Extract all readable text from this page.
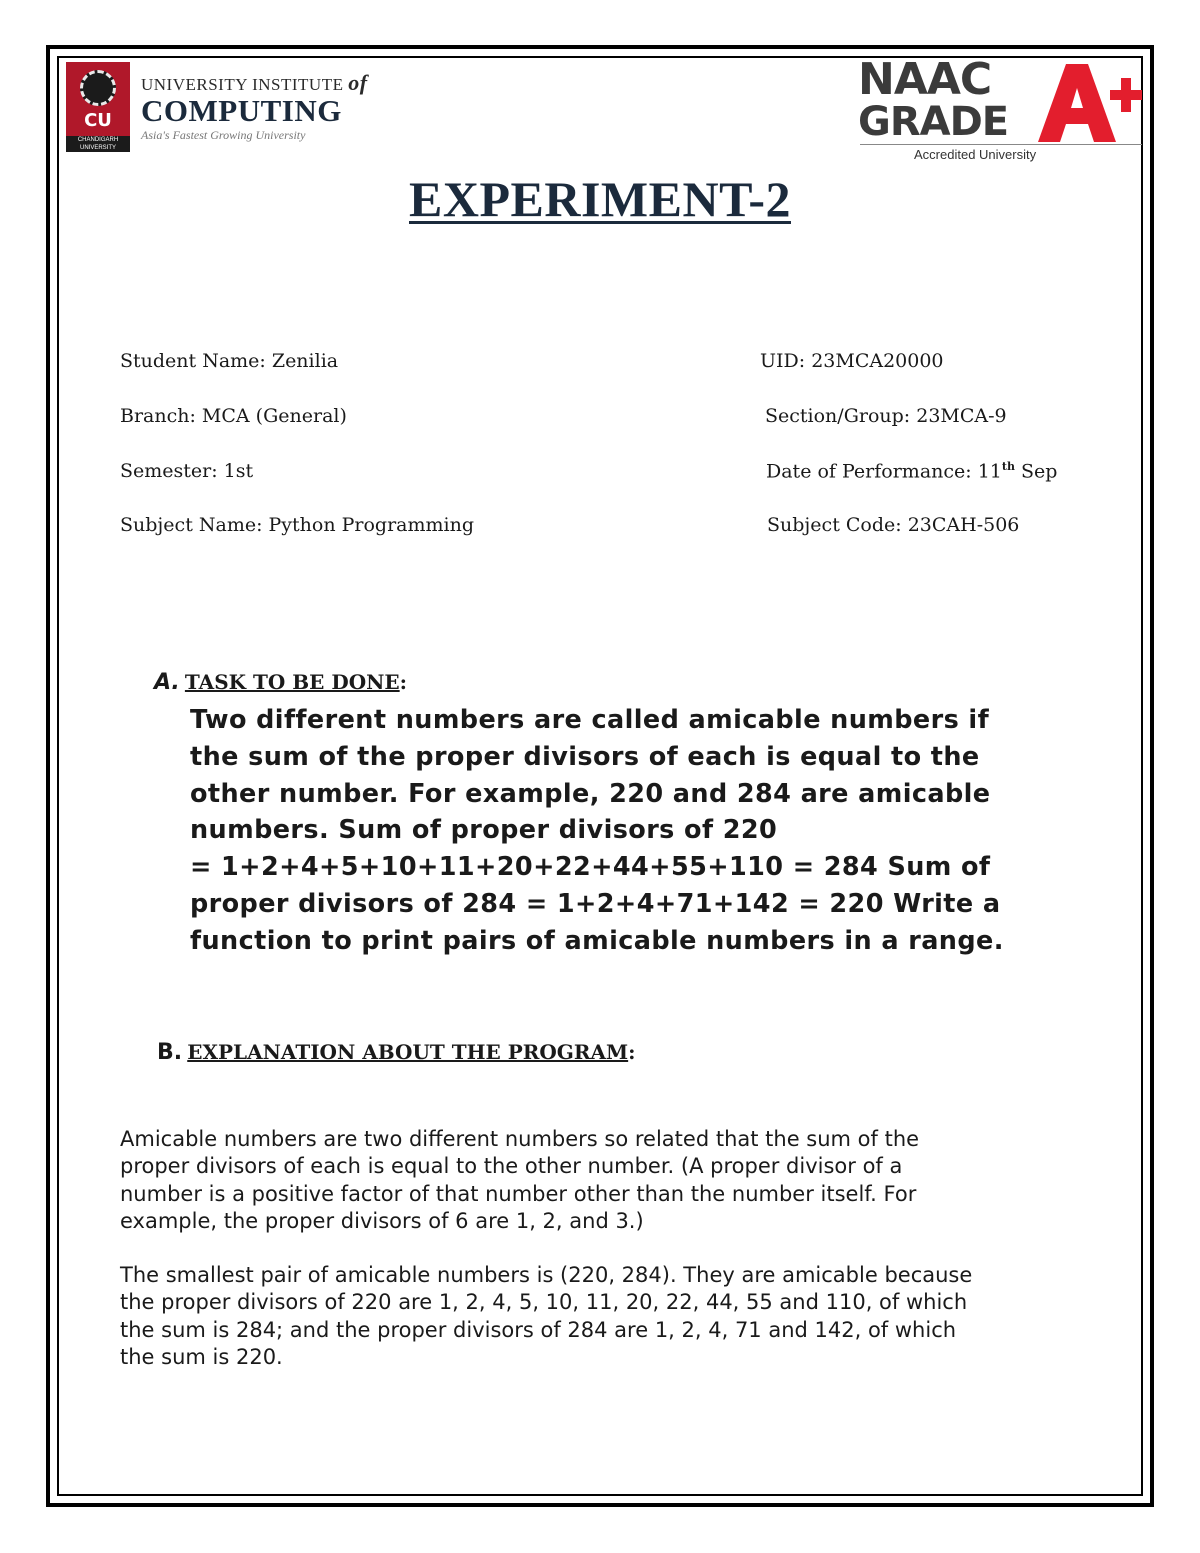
CU
CHANDIGARH UNIVERSITY
UNIVERSITY INSTITUTE of
COMPUTING
Asia's Fastest Growing University
NAAC
GRADE
Accredited University
EXPERIMENT-2
Student Name: Zenilia	UID: 23MCA20000
Branch: MCA (General)	Section/Group: 23MCA-9
Semester: 1st	Date of Performance: 11th Sep
Subject Name: Python Programming	Subject Code: 23CAH-506
A. TASK TO BE DONE:
Two different numbers are called amicable numbers if
the sum of the proper divisors of each is equal to the
other number. For example, 220 and 284 are amicable
numbers. Sum of proper divisors of 220
= 1+2+4+5+10+11+20+22+44+55+110 = 284 Sum of
proper divisors of 284 = 1+2+4+71+142 = 220 Write a
function to print pairs of amicable numbers in a range.
B. EXPLANATION ABOUT THE PROGRAM:
Amicable numbers are two different numbers so related that the sum of the
proper divisors of each is equal to the other number. (A proper divisor of a
number is a positive factor of that number other than the number itself. For
example, the proper divisors of 6 are 1, 2, and 3.)
The smallest pair of amicable numbers is (220, 284). They are amicable because
the proper divisors of 220 are 1, 2, 4, 5, 10, 11, 20, 22, 44, 55 and 110, of which
the sum is 284; and the proper divisors of 284 are 1, 2, 4, 71 and 142, of which
the sum is 220.
